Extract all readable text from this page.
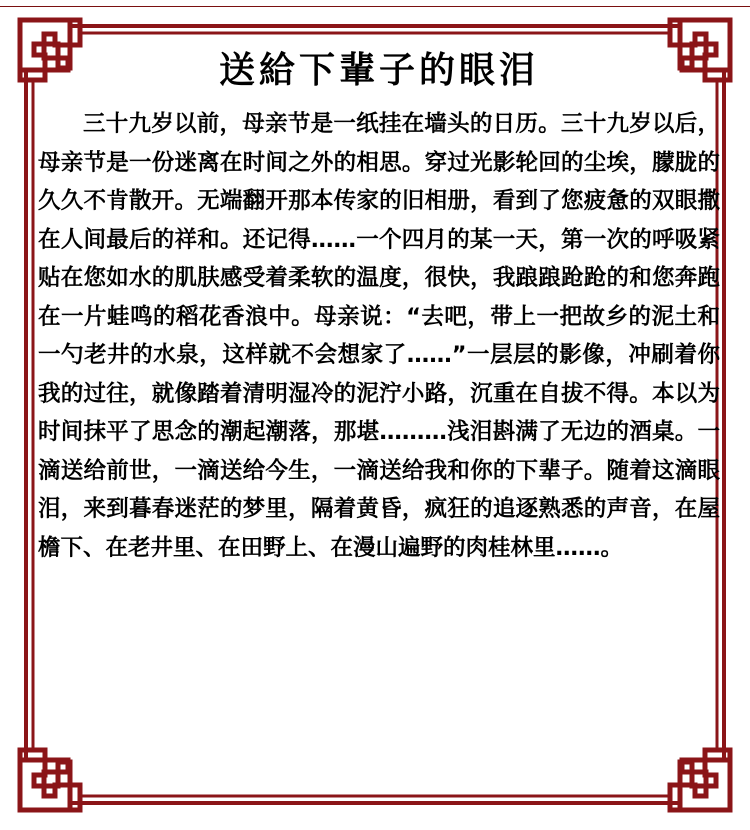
送給下輩子的眼泪

三十九岁以前，母亲节是一纸挂在墙头的日历。三十九岁以后，母亲节是一份迷离在时间之外的相思。穿过光影轮回的尘埃，朦胧的久久不肯散开。无端翻开那本传家的旧相册，看到了您疲惫的双眼撒在人间最后的祥和。还记得……一个四月的某一天，第一次的呼吸紧贴在您如水的肌肤感受着柔软的温度，很快，我踉踉跄跄的和您奔跑在一片蛙鸣的稻花香浪中。母亲说：“去吧，带上一把故乡的泥土和一勺老井的水泉，这样就不会想家了……”一层层的影像，冲刷着你我的过往，就像踏着清明湿冷的泥泞小路，沉重在自拔不得。本以为时间抹平了思念的潮起潮落，那堪………浅泪斟满了无边的酒桌。一滴送给前世，一滴送给今生，一滴送给我和你的下辈子。随着这滴眼泪，来到暮春迷茫的梦里，隔着黄昏，疯狂的追逐熟悉的声音，在屋檐下、在老井里、在田野上、在漫山遍野的肉桂林里……。
